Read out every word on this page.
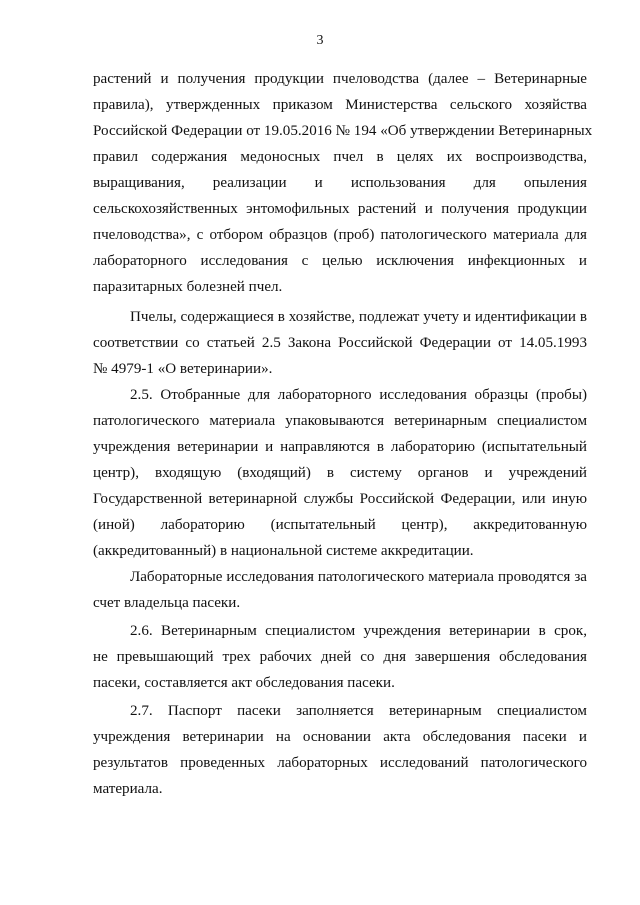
3
растений и получения продукции пчеловодства (далее – Ветеринарные
правила), утвержденных приказом Министерства сельского хозяйства
Российской Федерации от 19.05.2016 № 194 «Об утверждении Ветеринарных
правил содержания медоносных пчел в целях их воспроизводства,
выращивания, реализации и использования для опыления
сельскохозяйственных энтомофильных растений и получения продукции
пчеловодства», с отбором образцов (проб) патологического материала для
лабораторного исследования с целью исключения инфекционных и
паразитарных болезней пчел.
Пчелы, содержащиеся в хозяйстве, подлежат учету и идентификации в
соответствии со статьей 2.5 Закона Российской Федерации от 14.05.1993
№ 4979-1 «О ветеринарии».
2.5. Отобранные для лабораторного исследования образцы (пробы)
патологического материала упаковываются ветеринарным специалистом
учреждения ветеринарии и направляются в лабораторию (испытательный
центр), входящую (входящий) в систему органов и учреждений
Государственной ветеринарной службы Российской Федерации, или иную
(иной) лабораторию (испытательный центр), аккредитованную
(аккредитованный) в национальной системе аккредитации.
Лабораторные исследования патологического материала проводятся за
счет владельца пасеки.
2.6. Ветеринарным специалистом учреждения ветеринарии в срок,
не превышающий трех рабочих дней со дня завершения обследования
пасеки, составляется акт обследования пасеки.
2.7. Паспорт пасеки заполняется ветеринарным специалистом
учреждения ветеринарии на основании акта обследования пасеки и
результатов проведенных лабораторных исследований патологического
материала.
